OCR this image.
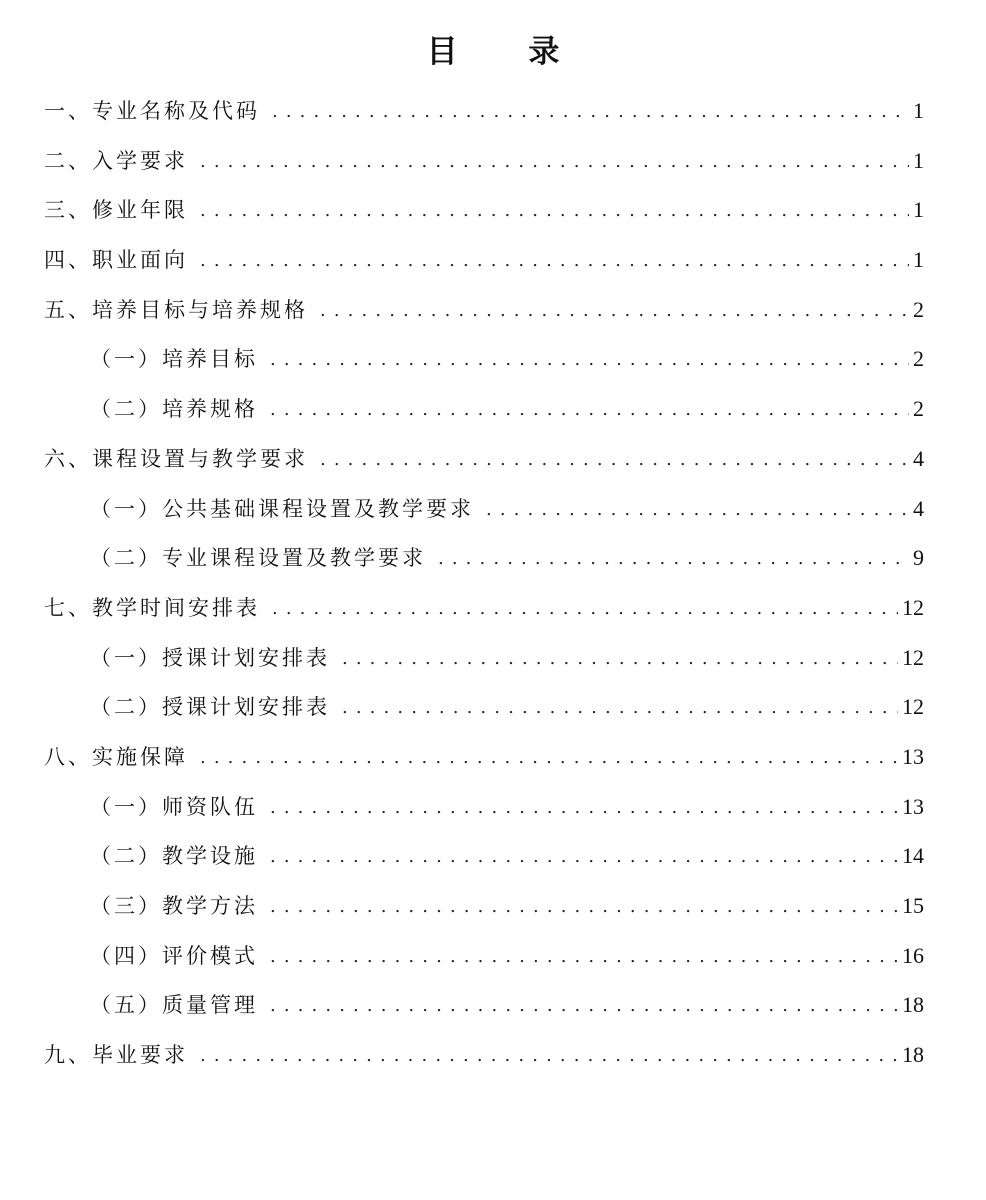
目 录
一、专业名称及代码 . . .	1
二、入学要求 . . .	1
三、修业年限 . . .	1
四、职业面向 . . .	1
五、培养目标与培养规格 . . .	2
（一）培养目标 . . .	2
（二）培养规格 . . .	2
六、课程设置与教学要求 . . .	4
（一）公共基础课程设置及教学要求 . . .	4
（二）专业课程设置及教学要求 . . .	9
七、教学时间安排表 . . .	12
（一）授课计划安排表 . . .	12
（二）授课计划安排表 . . .	12
八、实施保障 . . .	13
（一）师资队伍 . . .	13
（二）教学设施 . . .	14
（三）教学方法 . . .	15
（四）评价模式 . . .	16
（五）质量管理 . . .	18
九、毕业要求 . . .	18
